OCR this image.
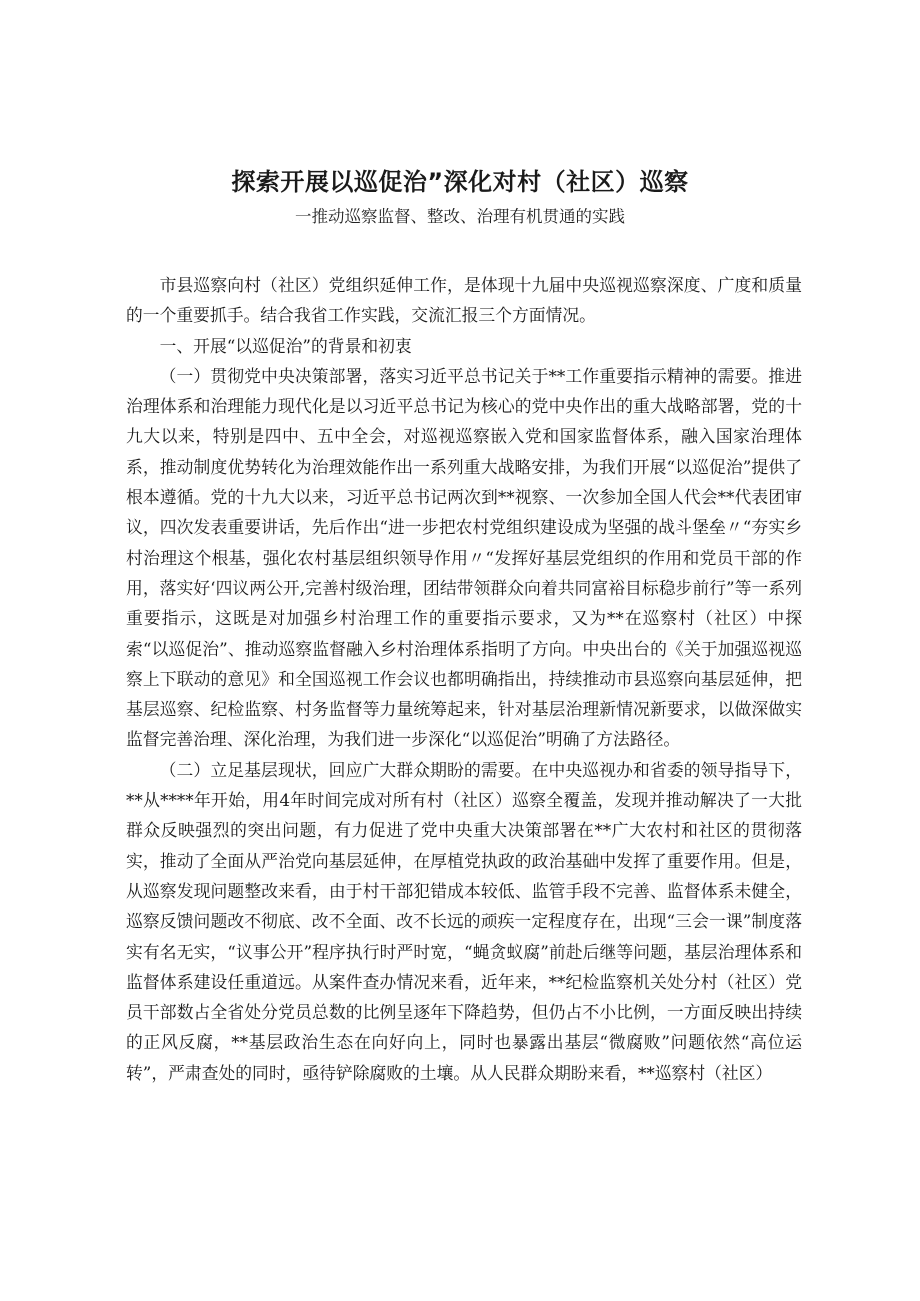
探索开展以巡促治”深化对村（社区）巡察
一推动巡察监督、整改、治理有机贯通的实践

市县巡察向村（社区）党组织延伸工作，是体现十九届中央巡视巡察深度、广度和质量的一个重要抓手。结合我省工作实践，交流汇报三个方面情况。

一、开展“以巡促治”的背景和初衷

（一）贯彻党中央决策部署，落实习近平总书记关于**工作重要指示精神的需要。推进治理体系和治理能力现代化是以习近平总书记为核心的党中央作出的重大战略部署，党的十九大以来，特别是四中、五中全会，对巡视巡察嵌入党和国家监督体系，融入国家治理体系，推动制度优势转化为治理效能作出一系列重大战略安排，为我们开展“以巡促治”提供了根本遵循。党的十九大以来，习近平总书记两次到**视察、一次参加全国人代会**代表团审议，四次发表重要讲话，先后作出“进一步把农村党组织建设成为坚强的战斗堡垒〃“夯实乡村治理这个根基，强化农村基层组织领导作用〃“发挥好基层党组织的作用和党员干部的作用，落实好‘四议两公开,完善村级治理，团结带领群众向着共同富裕目标稳步前行”等一系列重要指示，这既是对加强乡村治理工作的重要指示要求，又为**在巡察村（社区）中探索“以巡促治”、推动巡察监督融入乡村治理体系指明了方向。中央出台的《关于加强巡视巡察上下联动的意见》和全国巡视工作会议也都明确指出，持续推动市县巡察向基层延伸，把基层巡察、纪检监察、村务监督等力量统筹起来，针对基层治理新情况新要求，以做深做实监督完善治理、深化治理，为我们进一步深化“以巡促治”明确了方法路径。

（二）立足基层现状，回应广大群众期盼的需要。在中央巡视办和省委的领导指导下，**从****年开始，用4年时间完成对所有村（社区）巡察全覆盖，发现并推动解决了一大批群众反映强烈的突出问题，有力促进了党中央重大决策部署在**广大农村和社区的贯彻落实，推动了全面从严治党向基层延伸，在厚植党执政的政治基础中发挥了重要作用。但是，从巡察发现问题整改来看，由于村干部犯错成本较低、监管手段不完善、监督体系未健全，巡察反馈问题改不彻底、改不全面、改不长远的顽疾一定程度存在，出现“三会一课”制度落实有名无实，“议事公开”程序执行时严时宽，“蝇贪蚁腐”前赴后继等问题，基层治理体系和监督体系建设任重道远。从案件查办情况来看，近年来，**纪检监察机关处分村（社区）党员干部数占全省处分党员总数的比例呈逐年下降趋势，但仍占不小比例，一方面反映出持续的正风反腐，**基层政治生态在向好向上，同时也暴露出基层“微腐败”问题依然“高位运转”，严肃查处的同时，亟待铲除腐败的土壤。从人民群众期盼来看，**巡察村（社区）
